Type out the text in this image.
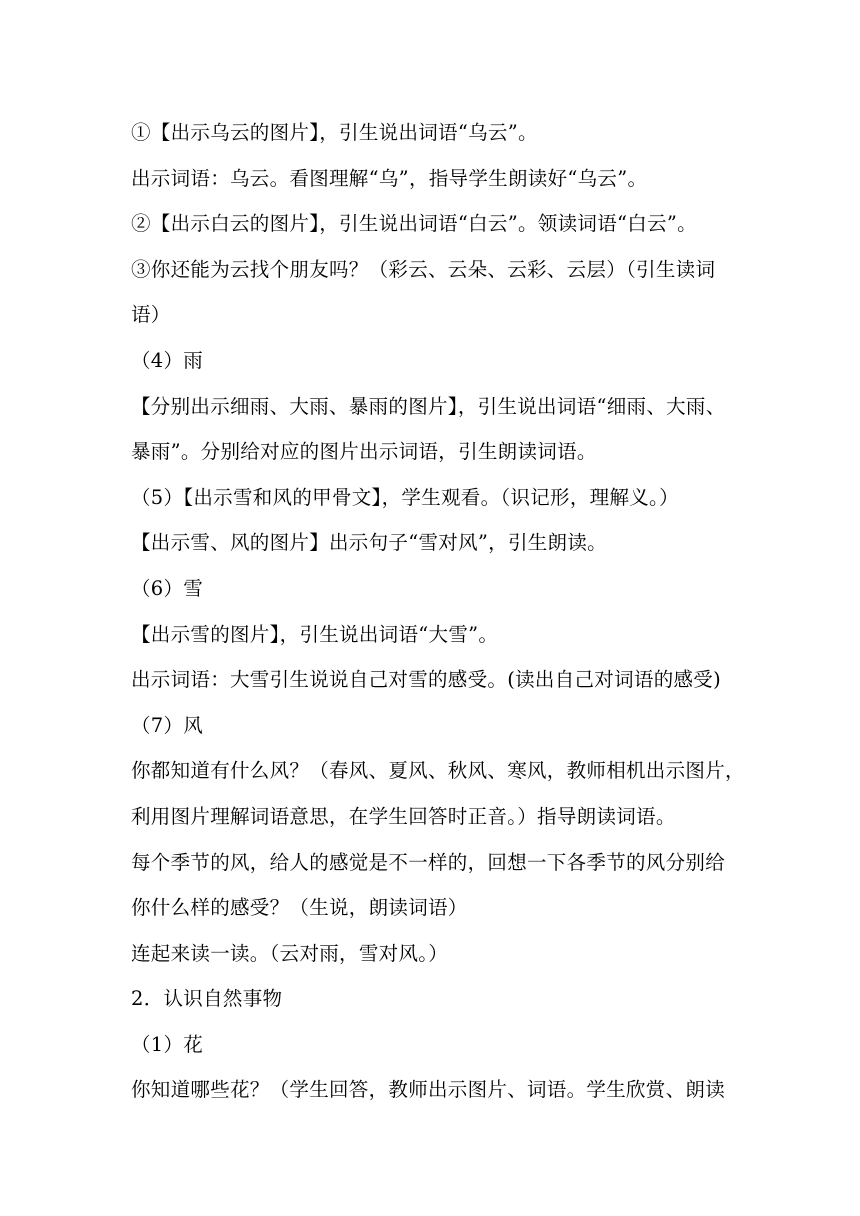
①【出示乌云的图片】，引生说出词语“乌云”。
出示词语：乌云。看图理解“乌”，指导学生朗读好“乌云”。
②【出示白云的图片】，引生说出词语“白云”。领读词语“白云”。
③你还能为云找个朋友吗？（彩云、云朵、云彩、云层）（引生读词
语）
（4）雨
【分别出示细雨、大雨、暴雨的图片】，引生说出词语“细雨、大雨、
暴雨”。分别给对应的图片出示词语，引生朗读词语。
（5）【出示雪和风的甲骨文】，学生观看。（识记形，理解义。）
【出示雪、风的图片】出示句子“雪对风”，引生朗读。
（6）雪
【出示雪的图片】，引生说出词语“大雪”。
出示词语：大雪引生说说自己对雪的感受。(读出自己对词语的感受)
（7）风
你都知道有什么风？（春风、夏风、秋风、寒风，教师相机出示图片，
利用图片理解词语意思，在学生回答时正音。）指导朗读词语。
每个季节的风，给人的感觉是不一样的，回想一下各季节的风分别给
你什么样的感受？（生说，朗读词语）
连起来读一读。（云对雨，雪对风。）
2．认识自然事物
（1）花
你知道哪些花？（学生回答，教师出示图片、词语。学生欣赏、朗读
